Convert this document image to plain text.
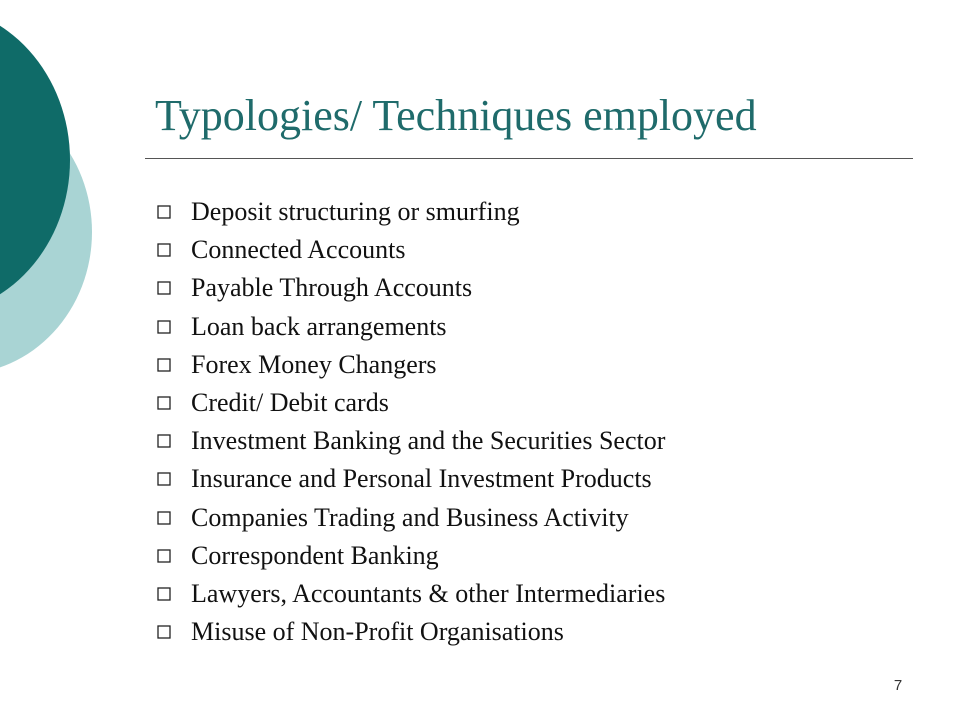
Typologies/ Techniques employed
Deposit structuring or smurfing
Connected Accounts
Payable Through Accounts
Loan back arrangements
Forex Money Changers
Credit/ Debit cards
Investment Banking and the Securities Sector
Insurance and Personal Investment Products
Companies Trading and Business Activity
Correspondent Banking
Lawyers, Accountants & other Intermediaries
Misuse of Non-Profit Organisations
7
